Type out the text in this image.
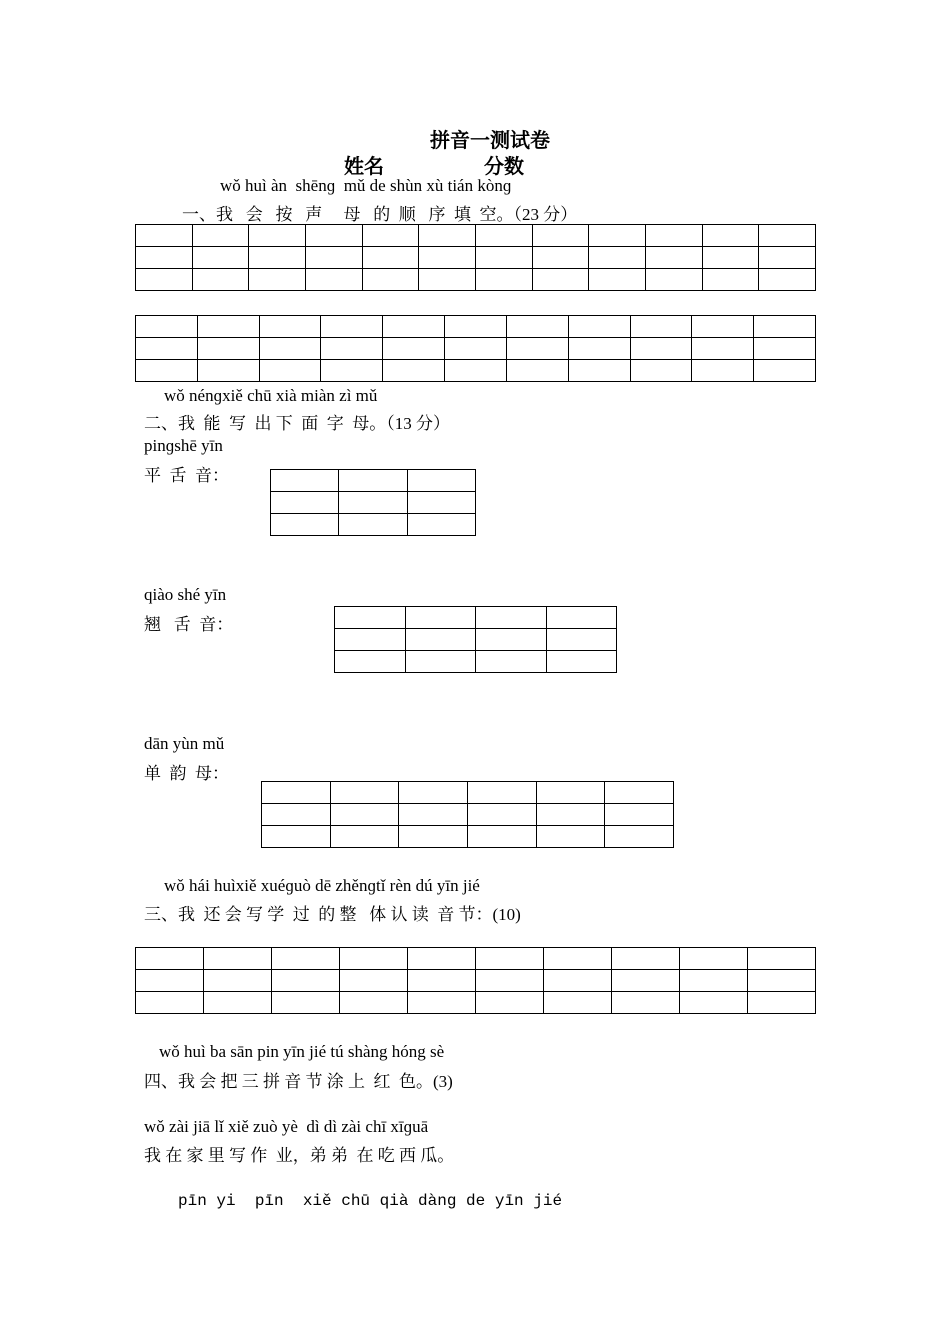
拼音一测试卷
姓名	分数
wǒ huì àn  shēnɡ  mǔ de shùn xù tián kònɡ
一、我   会   按   声     母   的  顺   序  填  空。（23 分）

wǒ nénɡxiě chū xià miàn zì mǔ
二、我  能  写  出 下  面  字  母。（13 分）
pinɡshē yīn
平  舌  音：

qiào shé yīn
翘   舌  音：

dān yùn mǔ
单  韵  母：

wǒ hái huìxiě xuéɡuò dē zhěnɡtǐ rèn dú yīn jié
三、我  还 会 写 学  过  的 整   体 认 读  音 节：(10)

wǒ huì ba sān pin yīn jié tú shàng hóng sè
四、我 会 把 三 拼 音 节 涂 上  红  色。(3)
wǒ zài jiā lǐ xiě zuò yè  dì dì zài chī xīɡuā
我 在 家 里 写 作  业，弟 弟  在 吃 西 瓜。
pīn yi  pīn  xiě chū qià dàng de yīn jié
